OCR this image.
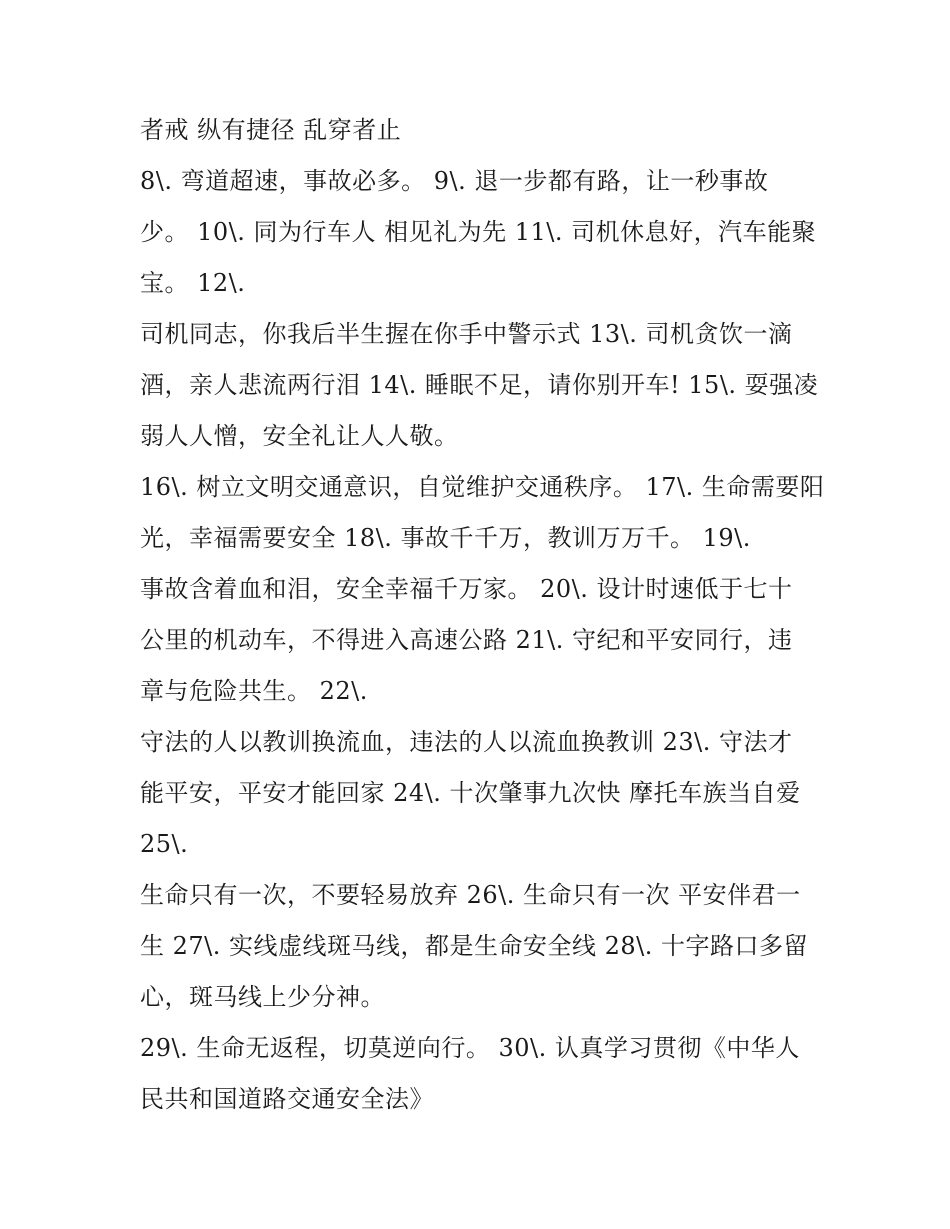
者戒 纵有捷径 乱穿者止
8\. 弯道超速，事故必多。 9\. 退一步都有路，让一秒事故
少。 10\. 同为行车人 相见礼为先 11\. 司机休息好，汽车能聚
宝。 12\.
司机同志，你我后半生握在你手中警示式 13\. 司机贪饮一滴
酒，亲人悲流两行泪 14\. 睡眠不足，请你别开车! 15\. 耍强凌
弱人人憎，安全礼让人人敬。
16\. 树立文明交通意识，自觉维护交通秩序。 17\. 生命需要阳
光，幸福需要安全 18\. 事故千千万，教训万万千。 19\.
事故含着血和泪，安全幸福千万家。 20\. 设计时速低于七十
公里的机动车，不得进入高速公路 21\. 守纪和平安同行，违
章与危险共生。 22\.
守法的人以教训换流血，违法的人以流血换教训 23\. 守法才
能平安，平安才能回家 24\. 十次肇事九次快 摩托车族当自爱
25\.
生命只有一次，不要轻易放弃 26\. 生命只有一次 平安伴君一
生 27\. 实线虚线斑马线，都是生命安全线 28\. 十字路口多留
心，斑马线上少分神。
29\. 生命无返程，切莫逆向行。 30\. 认真学习贯彻《中华人
民共和国道路交通安全法》
